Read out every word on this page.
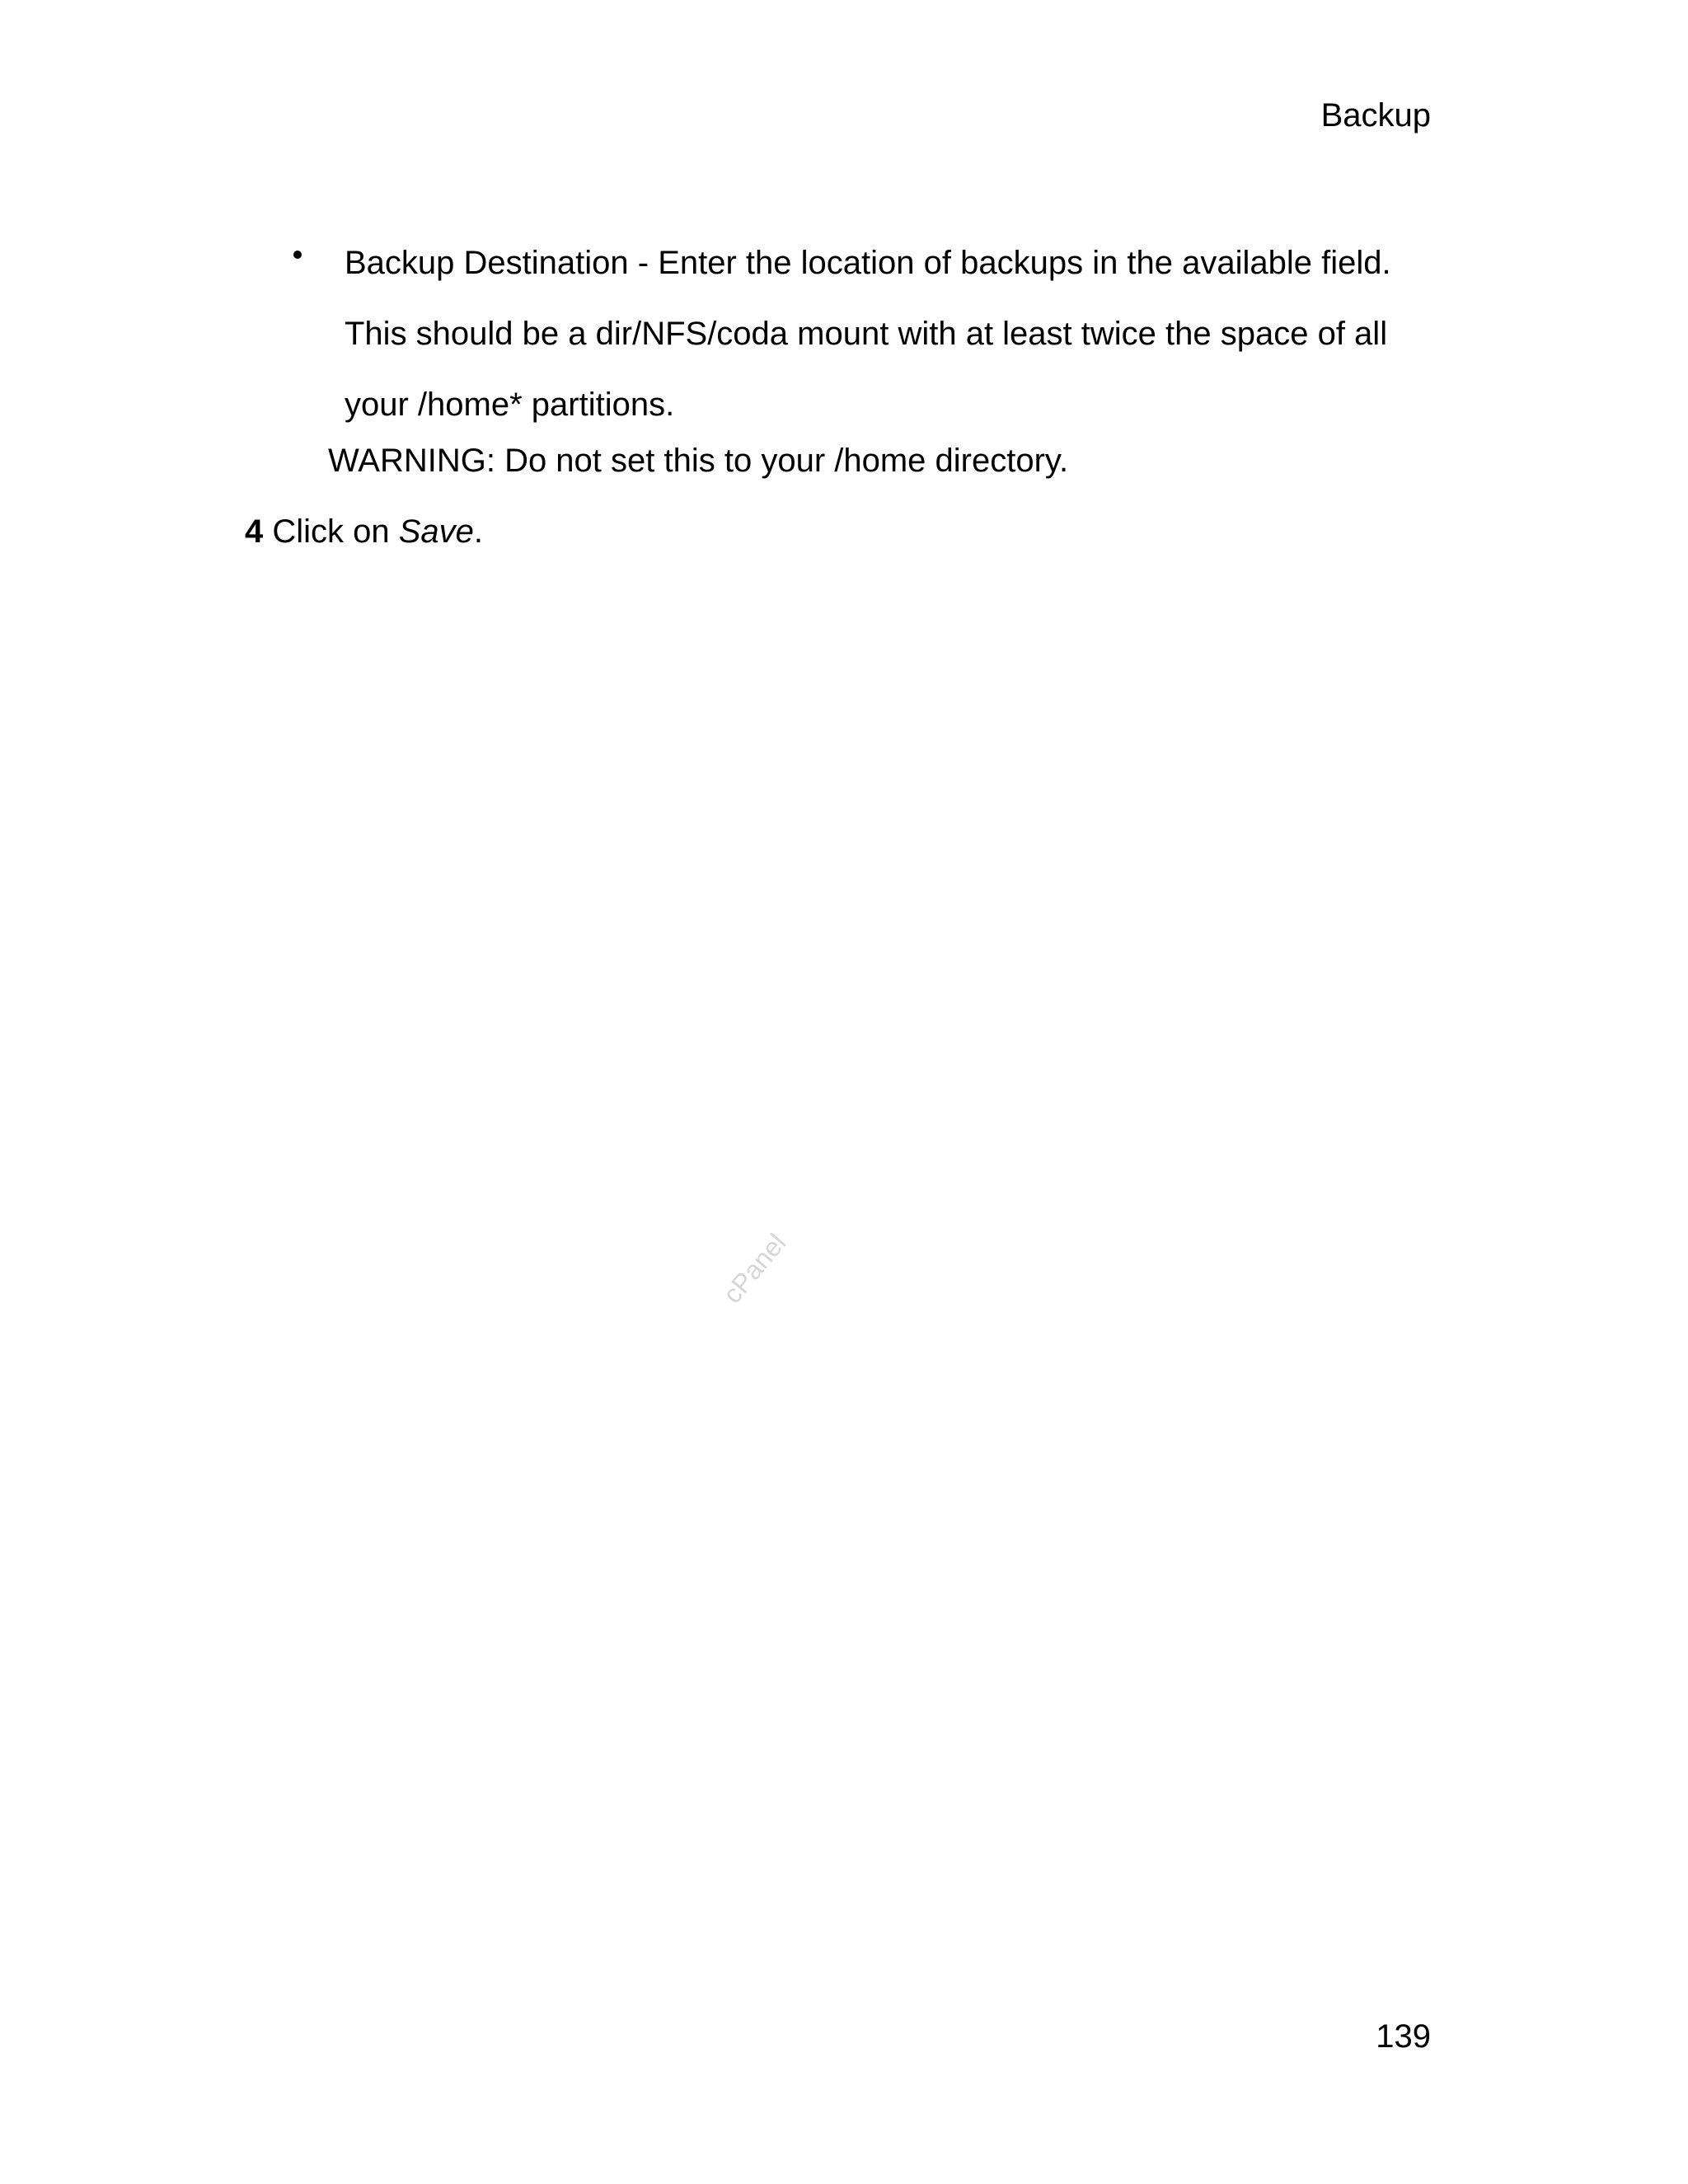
Backup
Backup Destination - Enter the location of backups in the available field. This should be a dir/NFS/coda mount with at least twice the space of all your /home* partitions.
WARNING: Do not set this to your /home directory.
4 Click on Save.
cPanel
139
